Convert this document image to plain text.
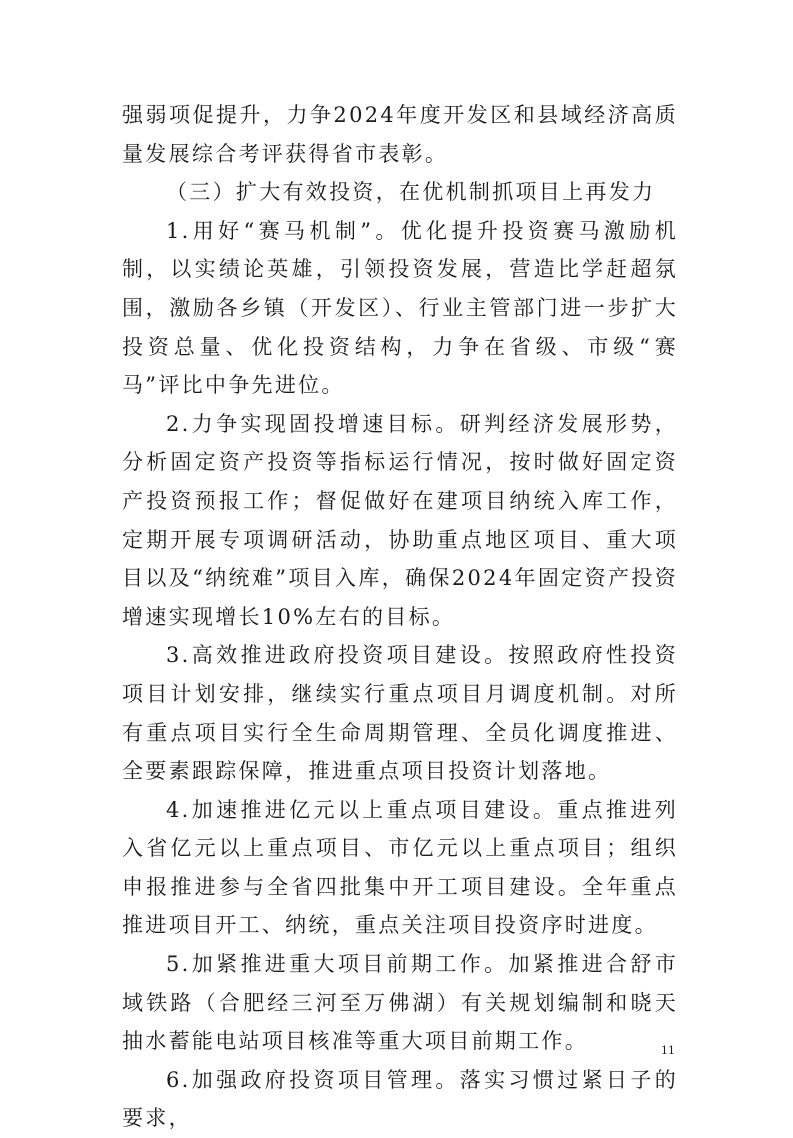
强弱项促提升，力争2024年度开发区和县域经济高质量发展综合考评获得省市表彰。

（三）扩大有效投资，在优机制抓项目上再发力

1.用好“赛马机制”。优化提升投资赛马激励机制，以实绩论英雄，引领投资发展，营造比学赶超氛围，激励各乡镇（开发区）、行业主管部门进一步扩大投资总量、优化投资结构，力争在省级、市级“赛马”评比中争先进位。

2.力争实现固投增速目标。研判经济发展形势，分析固定资产投资等指标运行情况，按时做好固定资产投资预报工作；督促做好在建项目纳统入库工作，定期开展专项调研活动，协助重点地区项目、重大项目以及“纳统难”项目入库，确保2024年固定资产投资增速实现增长10%左右的目标。

3.高效推进政府投资项目建设。按照政府性投资项目计划安排，继续实行重点项目月调度机制。对所有重点项目实行全生命周期管理、全员化调度推进、全要素跟踪保障，推进重点项目投资计划落地。

4.加速推进亿元以上重点项目建设。重点推进列入省亿元以上重点项目、市亿元以上重点项目；组织申报推进参与全省四批集中开工项目建设。全年重点推进项目开工、纳统，重点关注项目投资序时进度。

5.加紧推进重大项目前期工作。加紧推进合舒市域铁路（合肥经三河至万佛湖）有关规划编制和晓天抽水蓄能电站项目核准等重大项目前期工作。

6.加强政府投资项目管理。落实习惯过紧日子的要求，

11
